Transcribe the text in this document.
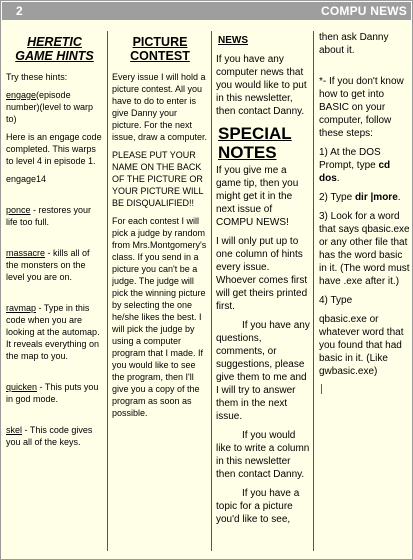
2	COMPU NEWS
HERETIC
GAME HINTS

Try these hints:

engage(episode number)(level to warp to)

Here is an engage code completed. This warps to level 4 in episode 1.

engage14

ponce - restores your life too full.

massacre - kills all of the monsters on the level you are on.

ravmap - Type in this code when you are looking at the automap. It reveals everything on the map to you.

quicken - This puts you in god mode.

skel - This code gives you all of the keys.

PICTURE
CONTEST

Every issue I will hold a picture contest. All you have to do to enter is give Danny your picture. For the next issue, draw a computer.

PLEASE PUT YOUR NAME ON THE BACK OF THE PICTURE OR YOUR PICTURE WILL BE DISQUALIFIED!!

For each contest I will pick a judge by random from Mrs.Montgomery's class. If you send in a picture you can't be a judge. The judge will pick the winning picture by selecting the one he/she likes the best. I will pick the judge by using a computer program that I made. If you would like to see the program, then I'll give you a copy of the program as soon as possible.

NEWS

If you have any computer news that you would like to put in this newsletter, then contact Danny.

SPECIAL
NOTES

If you give me a game tip, then you might get it in the next issue of COMPU NEWS!

I will only put up to one column of hints every issue. Whoever comes first will get theirs printed first.

If you have any questions, comments, or suggestions, please give them to me and I will try to answer them in the next issue.

If you would like to write a column in this newsletter then contact Danny.

If you have a topic for a picture you'd like to see,

then ask Danny about it.

*- If you don't know how to get into BASIC on your computer, follow these steps:

1) At the DOS Prompt, type cd dos.

2) Type dir |more.

3) Look for a word that says qbasic.exe or any other file that has the word basic in it. (The word must have .exe after it.)

4) Type

qbasic.exe or whatever word that you found that had basic in it. (Like gwbasic.exe)
